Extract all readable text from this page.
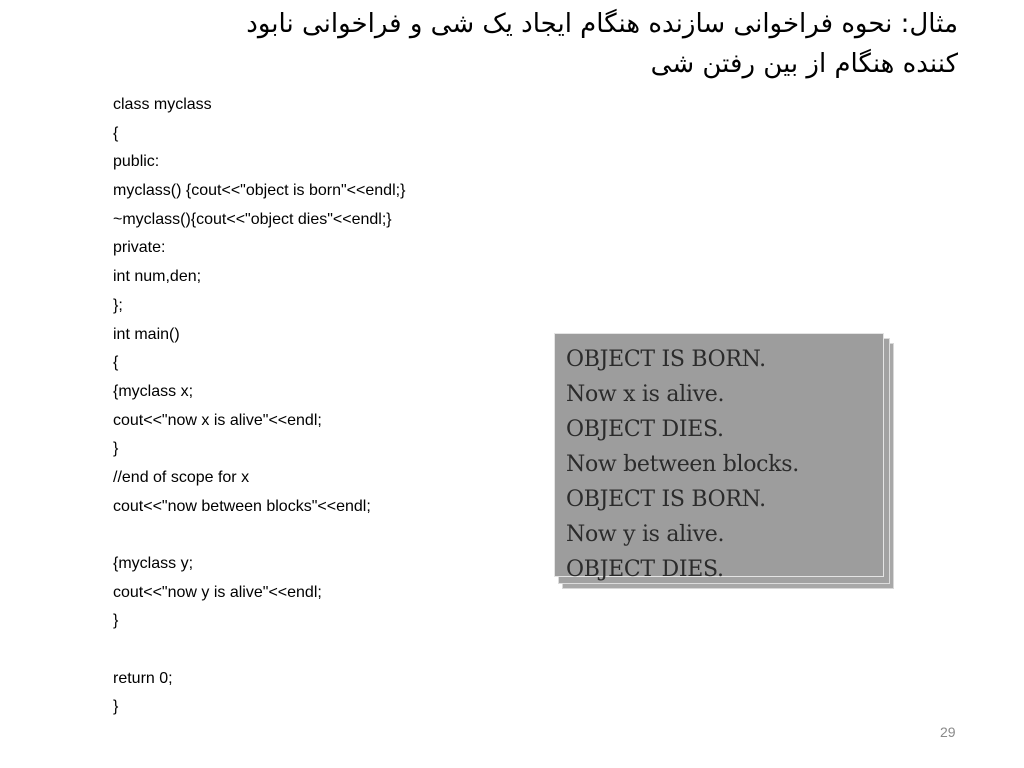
مثال: نحوه فراخوانی سازنده هنگام ایجاد یک شی و فراخوانی نابود
کننده هنگام از بین رفتن شی
class myclass
{
public:
myclass() {cout<<"object is born"<<endl;}
~myclass(){cout<<"object dies"<<endl;}
private:
int num,den;
};
int main()
{
{myclass x;
cout<<"now x is alive"<<endl;
}
//end of scope for x
cout<<"now between blocks"<<endl;
{myclass y;
cout<<"now y is alive"<<endl;
}
return 0;
}
OBJECT IS BORN.
Now x is alive.
OBJECT DIES.
Now between blocks.
OBJECT IS BORN.
Now y is alive.
OBJECT DIES.
29
